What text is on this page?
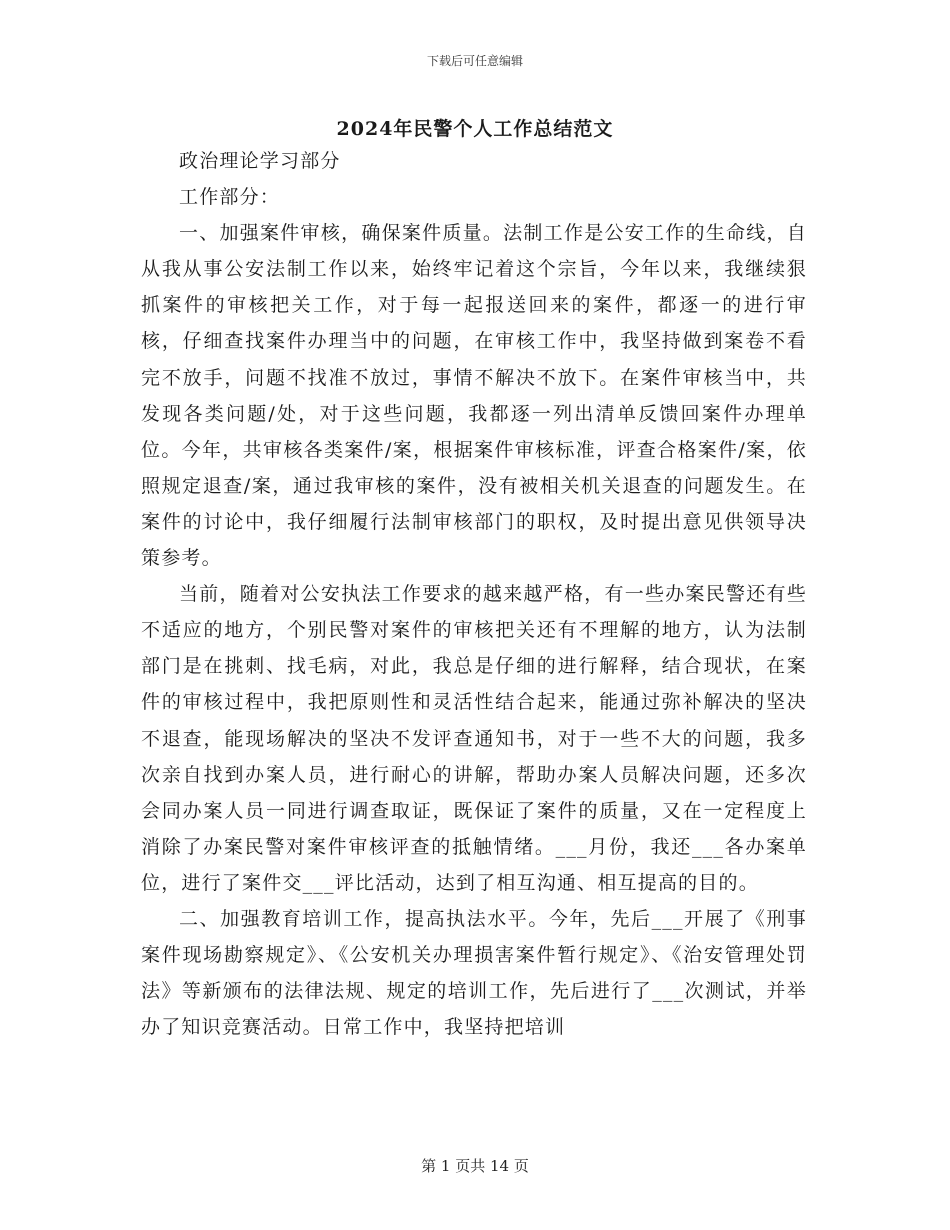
下载后可任意编辑
2024年民警个人工作总结范文

政治理论学习部分

工作部分：

一、加强案件审核，确保案件质量。法制工作是公安工作的生命线，自从我从事公安法制工作以来，始终牢记着这个宗旨，今年以来，我继续狠抓案件的审核把关工作，对于每一起报送回来的案件，都逐一的进行审核，仔细查找案件办理当中的问题，在审核工作中，我坚持做到案卷不看完不放手，问题不找准不放过，事情不解决不放下。在案件审核当中，共发现各类问题/处，对于这些问题，我都逐一列出清单反馈回案件办理单位。今年，共审核各类案件/案，根据案件审核标准，评查合格案件/案，依照规定退查/案，通过我审核的案件，没有被相关机关退查的问题发生。在案件的讨论中，我仔细履行法制审核部门的职权，及时提出意见供领导决策参考。

当前，随着对公安执法工作要求的越来越严格，有一些办案民警还有些不适应的地方，个别民警对案件的审核把关还有不理解的地方，认为法制部门是在挑刺、找毛病，对此，我总是仔细的进行解释，结合现状，在案件的审核过程中，我把原则性和灵活性结合起来，能通过弥补解决的坚决不退查，能现场解决的坚决不发评查通知书，对于一些不大的问题，我多次亲自找到办案人员，进行耐心的讲解，帮助办案人员解决问题，还多次会同办案人员一同进行调查取证，既保证了案件的质量，又在一定程度上消除了办案民警对案件审核评查的抵触情绪。___月份，我还___各办案单位，进行了案件交___评比活动，达到了相互沟通、相互提高的目的。

二、加强教育培训工作，提高执法水平。今年，先后___开展了《刑事案件现场勘察规定》、《公安机关办理损害案件暂行规定》、《治安管理处罚法》等新颁布的法律法规、规定的培训工作，先后进行了___次测试，并举办了知识竞赛活动。日常工作中，我坚持把培训

第 1 页共 14 页
